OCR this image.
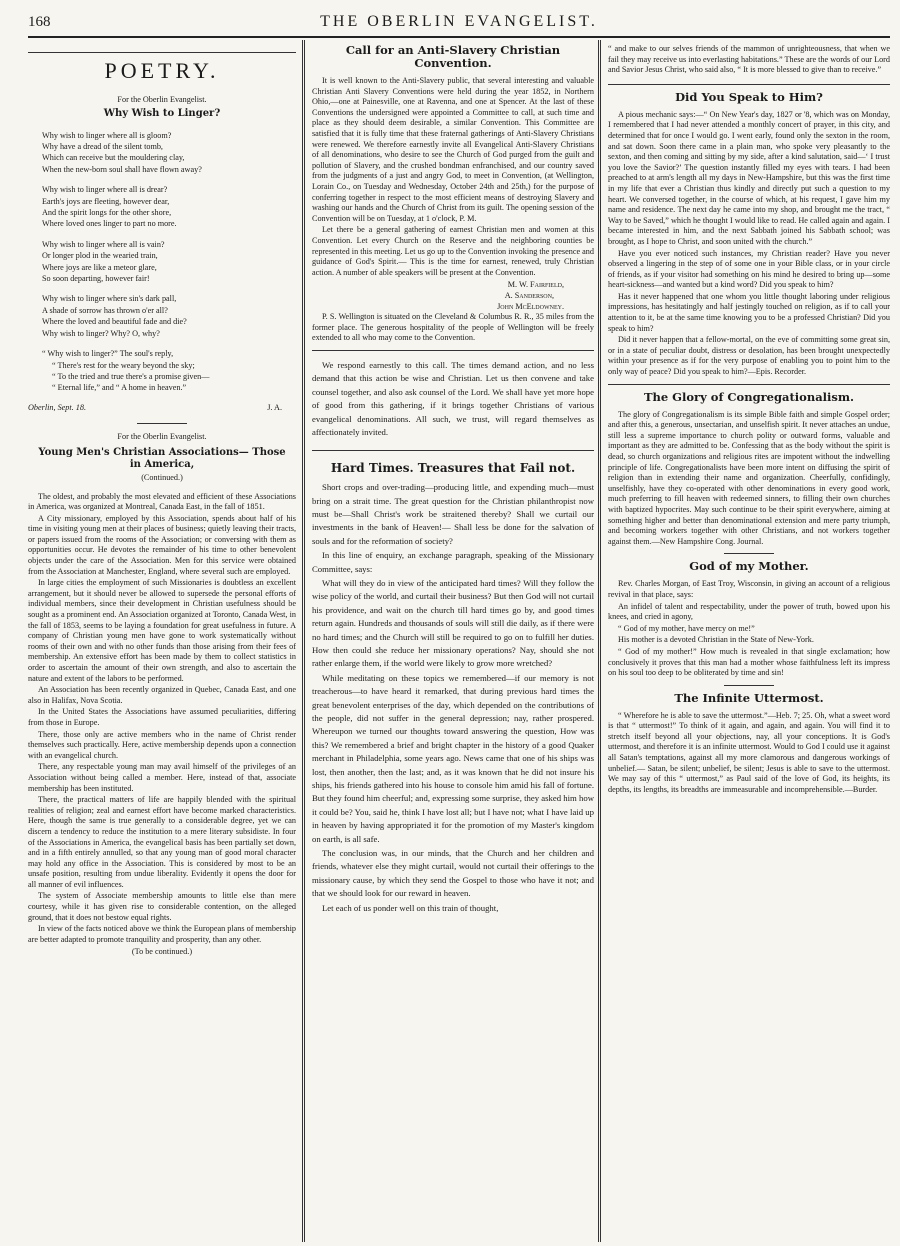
168	THE OBERLIN EVANGELIST.
POETRY.
For the Oberlin Evangelist.
Why Wish to Linger?
Why wish to linger where all is gloom?
Why have a dread of the silent tomb,
Which can receive but the mouldering clay,
When the new-born soul shall have flown away?
Why wish to linger where all is drear?
Earth's joys are fleeting, however dear,
And the spirit longs for the other shore,
Where loved ones linger to part no more.
Why wish to linger where all is vain?
Or longer plod in the wearied train,
Where joys are like a meteor glare,
So soon departing, however fair!
Why wish to linger where sin's dark pall,
A shade of sorrow has thrown o'er all?
Where the loved and beautiful fade and die?
Why wish to linger? Why? O, why?
“ Why wish to linger?” The soul's reply,
“ There's rest for the weary beyond the sky;
“ To the tried and true there's a promise given—
“ Eternal life,” and “ A home in heaven.”
Oberlin, Sept. 18.	J. A.
For the Oberlin Evangelist.
Young Men's Christian Associations— Those in America,
(Continued.)

The oldest, and probably the most elevated and efficient of these Associations in America, was organized at Montreal, Canada East, in the fall of 1851.

A City missionary, employed by this Association, spends about half of his time in visiting young men at their places of business; quietly leaving their tracts, or papers issued from the rooms of the Association; or conversing with them as opportunities occur. He devotes the remainder of his time to other benevolent objects under the care of the Association. Men for this service were obtained from the Association at Manchester, England, where several such are employed.

In large cities the employment of such Missionaries is doubtless an excellent arrangement, but it should never be allowed to supersede the personal efforts of individual members, since their development in Christian usefulness should be sought as a prominent end. An Association organized at Toronto, Canada West, in the fall of 1853, seems to be laying a foundation for great usefulness in future. A company of Christian young men have gone to work systematically without rooms of their own and with no other funds than those arising from their fees of membership. An extensive effort has been made by them to collect statistics in order to ascertain the amount of their own strength, and also to ascertain the nature and extent of the labors to be performed.

An Association has been recently organized in Quebec, Canada East, and one also in Halifax, Nova Scotia.

In the United States the Associations have assumed peculiarities, differing from those in Europe.

There, those only are active members who in the name of Christ render themselves such practically. Here, active membership depends upon a connection with an evangelical church.

There, any respectable young man may avail himself of the privileges of an Association without being called a member. Here, instead of that, associate membership has been instituted.

There, the practical matters of life are happily blended with the spiritual realities of religion; zeal and earnest effort have become marked characteristics. Here, though the same is true generally to a considerable degree, yet we can discern a tendency to reduce the institution to a mere literary subsidiste. In four of the Associations in America, the evangelical basis has been partially set down, and in a fifth entirely annulled, so that any young man of good moral character may hold any office in the Association. This is considered by most to be an unsafe position, resulting from undue liberality. Evidently it opens the door for all manner of evil influences.

The system of Associate membership amounts to little else than mere courtesy, while it has given rise to considerable contention, on the alleged ground, that it does not bestow equal rights.

In view of the facts noticed above we think the European plans of membership are better adapted to promote tranquility and prosperity, than any other.

(To be continued.)
Call for an Anti-Slavery Christian Convention.

It is well known to the Anti-Slavery public, that several interesting and valuable Christian Anti Slavery Conventions were held during the year 1852, in Northern Ohio,—one at Painesville, one at Ravenna, and one at Spencer. At the last of these Conventions the undersigned were appointed a Committee to call, at such time and place as they should deem desirable, a similar Convention. This Committee are satisfied that it is fully time that these fraternal gatherings of Anti-Slavery Christians were renewed. We therefore earnestly invite all Evangelical Anti-Slavery Christians of all denominations, who desire to see the Church of God purged from the guilt and pollution of Slavery, and the crushed bondman enfranchised, and our country saved from the judgments of a just and angry God, to meet in Convention, (at Wellington, Lorain Co., on Tuesday and Wednesday, October 24th and 25th,) for the purpose of conferring together in respect to the most efficient means of destroying Slavery and washing our hands and the Church of Christ from its guilt. The opening session of the Convention will be on Tuesday, at 1 o'clock, P. M.

Let there be a general gathering of earnest Christian men and women at this Convention. Let every Church on the Reserve and the neighboring counties be represented in this meeting. Let us go up to the Convention invoking the presence and guidance of God's Spirit.— This is the time for earnest, renewed, truly Christian action. A number of able speakers will be present at the Convention.

M. W. Fairfield,
A. Sanderson,
John McEldowney.

P. S. Wellington is situated on the Cleveland & Columbus R. R., 35 miles from the former place. The generous hospitality of the people of Wellington will be freely extended to all who may come to the Convention.

We respond earnestly to this call. The times demand action, and no less demand that this action be wise and Christian. Let us then convene and take counsel together, and also ask counsel of the Lord. We shall have yet more hope of good from this gathering, if it brings together Christians of various evangelical denominations. All such, we trust, will regard themselves as affectionately invited.

Hard Times. Treasures that Fail not.

Short crops and over-trading—producing little, and expending much—must bring on a strait time. The great question for the Christian philanthropist now must be—Shall Christ's work be straitened thereby? Shall we curtail our investments in the bank of Heaven!— Shall less be done for the salvation of souls and for the reformation of society?

In this line of enquiry, an exchange paragraph, speaking of the Missionary Committee, says:

What will they do in view of the anticipated hard times? Will they follow the wise policy of the world, and curtail their business? But then God will not curtail his providence, and wait on the church till hard times go by, and good times return again. Hundreds and thousands of souls will still die daily, as if there were no hard times; and the Church will still be required to go on to fulfill her duties. How then could she reduce her missionary operations? Nay, should she not rather enlarge them, if the world were likely to grow more wretched?

While meditating on these topics we remembered—if our memory is not treacherous—to have heard it remarked, that during previous hard times the great benevolent enterprises of the day, which depended on the contributions of the people, did not suffer in the general depression; nay, rather prospered. Whereupon we turned our thoughts toward answering the question, How was this? We remembered a brief and bright chapter in the history of a good Quaker merchant in Philadelphia, some years ago. News came that one of his ships was lost, then another, then the last; and, as it was known that he did not insure his ships, his friends gathered into his house to console him amid his fall of fortune. But they found him cheerful; and, expressing some surprise, they asked him how it could be? You, said he, think I have lost all; but I have not; what I have laid up in heaven by having appropriated it for the promotion of my Master's kingdom on earth, is all safe.

The conclusion was, in our minds, that the Church and her children and friends, whatever else they might curtail, would not curtail their offerings to the missionary cause, by which they send the Gospel to those who have it not; and that we should look for our reward in heaven.

Let each of us ponder well on this train of thought,

“ and make to our selves friends of the mammon of unrighteousness, that when we fail they may receive us into everlasting habitations.” These are the words of our Lord and Savior Jesus Christ, who said also, “ It is more blessed to give than to receive.”

Did You Speak to Him?

A pious mechanic says:—“ On New Year's day, 1827 or '8, which was on Monday, I remembered that I had never attended a monthly concert of prayer, in this city, and determined that for once I would go. I went early, found only the sexton in the room, and sat down. Soon there came in a plain man, who spoke very pleasantly to the sexton, and then coming and sitting by my side, after a kind salutation, said—‘ I trust you love the Savior?’ The question instantly filled my eyes with tears. I had been preached to at arm's length all my days in New-Hampshire, but this was the first time in my life that ever a Christian thus kindly and directly put such a question to my heart. We conversed together, in the course of which, at his request, I gave him my name and residence. The next day he came into my shop, and brought me the tract, “ Way to be Saved,” which he thought I would like to read. He called again and again. I became interested in him, and the next Sabbath joined his Sabbath school; was brought, as I hope to Christ, and soon united with the church.”

Have you ever noticed such instances, my Christian reader? Have you never observed a lingering in the step of of some one in your Bible class, or in your circle of friends, as if your visitor had something on his mind he desired to bring up—some heart-sickness—and wanted but a kind word? Did you speak to him?

Has it never happened that one whom you little thought laboring under religious impressions, has hesitatingly and half jestingly touched on religion, as if to call your attention to it, be at the same time knowing you to be a professed Christian? Did you speak to him?

Did it never happen that a fellow-mortal, on the eve of committing some great sin, or in a state of peculiar doubt, distress or desolation, has been brought unexpectedly within your presence as if for the very purpose of enabling you to point him to the only way of peace? Did you speak to him?—Epis. Recorder.

The Glory of Congregationalism.

The glory of Congregationalism is its simple Bible faith and simple Gospel order; and after this, a generous, unsectarian, and unselfish spirit. It never attaches an undue, still less a supreme importance to church polity or outward forms, valuable and important as they are admitted to be. Confessing that as the body without the spirit is dead, so church organizations and religious rites are impotent without the indwelling principle of life. Congregationalists have been more intent on diffusing the spirit of religion than in extending their name and organization. Cheerfully, confidingly, unselfishly, have they co-operated with other denominations in every good work, much preferring to fill heaven with redeemed sinners, to filling their own churches with baptized hypocrites. May such continue to be their spirit everywhere, aiming at something higher and better than denominational extension and mere party triumph, and becoming workers together with other Christians, and not workers together against them.—New Hampshire Cong. Journal.

God of my Mother.

Rev. Charles Morgan, of East Troy, Wisconsin, in giving an account of a religious revival in that place, says:

An infidel of talent and respectability, under the power of truth, bowed upon his knees, and cried in agony,

“ God of my mother, have mercy on me!”

His mother is a devoted Christian in the State of New-York.

“ God of my mother!” How much is revealed in that single exclamation; how conclusively it proves that this man had a mother whose faithfulness left its impress on his soul too deep to be obliterated by time and sin!

The Infinite Uttermost.

“ Wherefore he is able to save the uttermost.”—Heb. 7; 25. Oh, what a sweet word is that “ uttermost!” To think of it again, and again, and again. You will find it to stretch itself beyond all your objections, nay, all your conceptions. It is God's uttermost, and therefore it is an infinite uttermost. Would to God I could use it against all Satan's temptations, against all my more clamorous and dangerous workings of unbelief.— Satan, be silent; unbelief, be silent; Jesus is able to save to the uttermost. We may say of this “ uttermost,” as Paul said of the love of God, its heights, its depths, its lengths, its breadths are immeasurable and incomprehensible.—Burder.
